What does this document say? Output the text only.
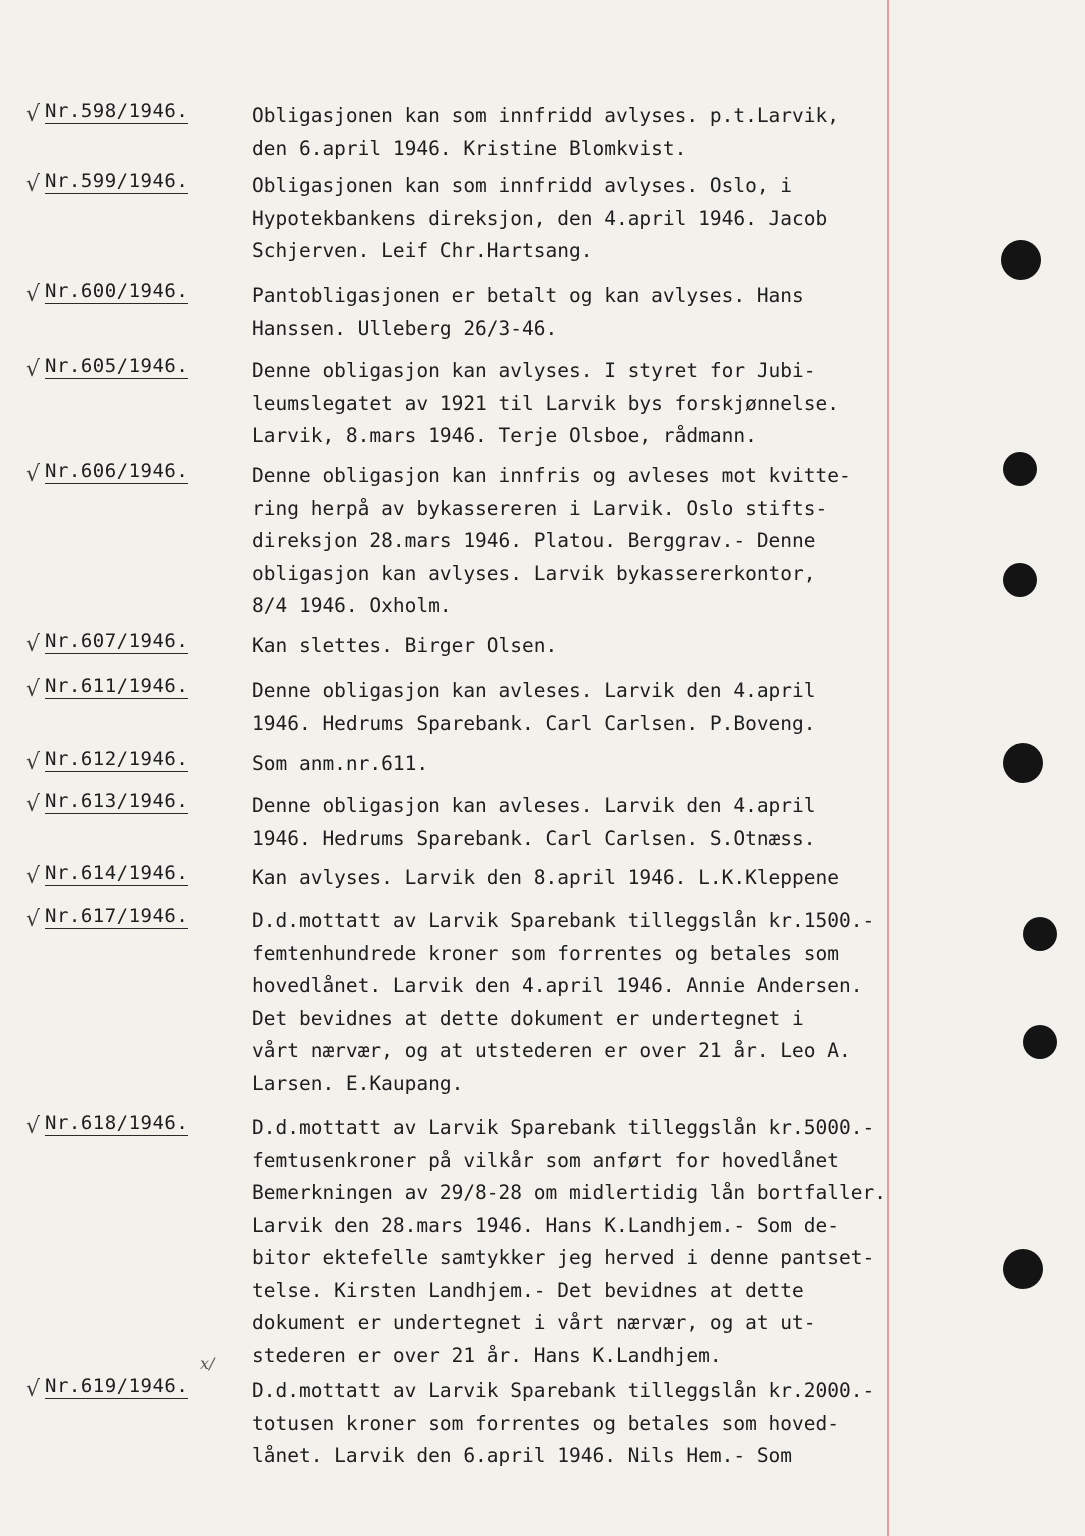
x/
√ Nr.598/1946.	Obligasjonen kan som innfridd avlyses. p.t.Larvik,
den 6.april 1946. Kristine Blomkvist.
√ Nr.599/1946.	Obligasjonen kan som innfridd avlyses. Oslo, i
Hypotekbankens direksjon, den 4.april 1946. Jacob
Schjerven. Leif Chr.Hartsang.
√ Nr.600/1946.	Pantobligasjonen er betalt og kan avlyses. Hans
Hanssen. Ulleberg 26/3-46.
√ Nr.605/1946.	Denne obligasjon kan avlyses. I styret for Jubi-
leumslegatet av 1921 til Larvik bys forskjønnelse.
Larvik, 8.mars 1946. Terje Olsboe, rådmann.
√ Nr.606/1946.	Denne obligasjon kan innfris og avleses mot kvitte-
ring herpå av bykassereren i Larvik. Oslo stifts-
direksjon 28.mars 1946. Platou. Berggrav.- Denne
obligasjon kan avlyses. Larvik bykassererkontor,
8/4 1946. Oxholm.
√ Nr.607/1946.	Kan slettes. Birger Olsen.
√ Nr.611/1946.	Denne obligasjon kan avleses. Larvik den 4.april
1946. Hedrums Sparebank. Carl Carlsen. P.Boveng.
√ Nr.612/1946.	Som anm.nr.611.
√ Nr.613/1946.	Denne obligasjon kan avleses. Larvik den 4.april
1946. Hedrums Sparebank. Carl Carlsen. S.Otnæss.
√ Nr.614/1946.	Kan avlyses. Larvik den 8.april 1946. L.K.Kleppene
√ Nr.617/1946.	D.d.mottatt av Larvik Sparebank tilleggslån kr.1500.-
femtenhundrede kroner som forrentes og betales som
hovedlånet. Larvik den 4.april 1946. Annie Andersen.
Det bevidnes at dette dokument er undertegnet i
vårt nærvær, og at utstederen er over 21 år. Leo A.
Larsen. E.Kaupang.
√ Nr.618/1946.	D.d.mottatt av Larvik Sparebank tilleggslån kr.5000.-
femtusenkroner på vilkår som anført for hovedlånet
Bemerkningen av 29/8-28 om midlertidig lån bortfaller.
Larvik den 28.mars 1946. Hans K.Landhjem.- Som de-
bitor ektefelle samtykker jeg herved i denne pantset-
telse. Kirsten Landhjem.- Det bevidnes at dette
dokument er undertegnet i vårt nærvær, og at ut-
stederen er over 21 år. Hans K.Landhjem.
√ Nr.619/1946.	D.d.mottatt av Larvik Sparebank tilleggslån kr.2000.-
totusen kroner som forrentes og betales som hoved-
lånet. Larvik den 6.april 1946. Nils Hem.- Som
